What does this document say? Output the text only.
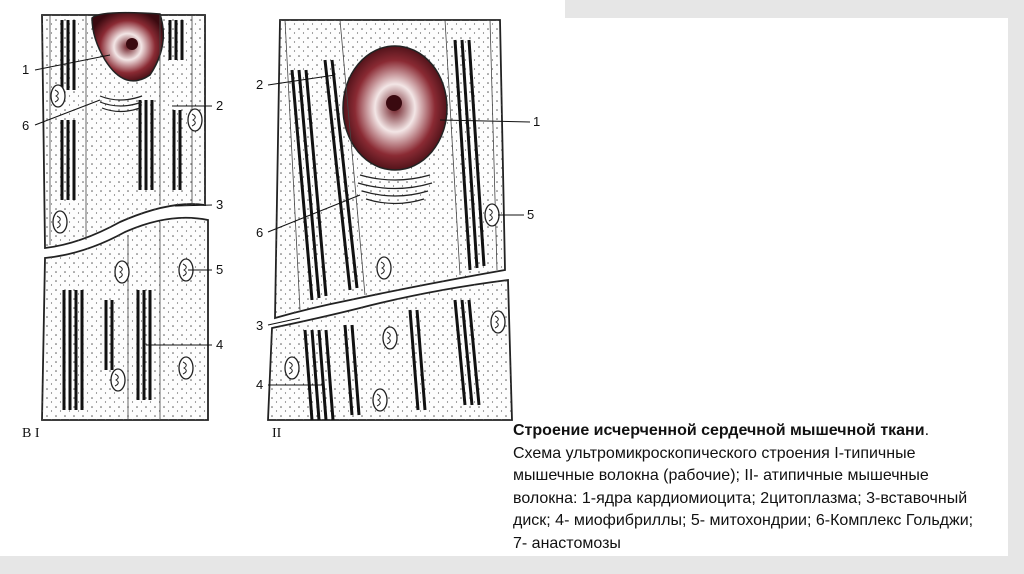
1
6
2
3
5
4
В I
2
1
6
5
3
4
II	Строение исчерченной сердечной мышечной ткани.
Схема ультромикроскопического строения I-типичные мышечные волокна (рабочие); II- атипичные мышечные волокна: 1-ядра кардиомиоцита; 2цитоплазма; 3-вставочный диск; 4- миофибриллы; 5- митохондрии; 6-Комплекс Гольджи; 7- анастомозы
